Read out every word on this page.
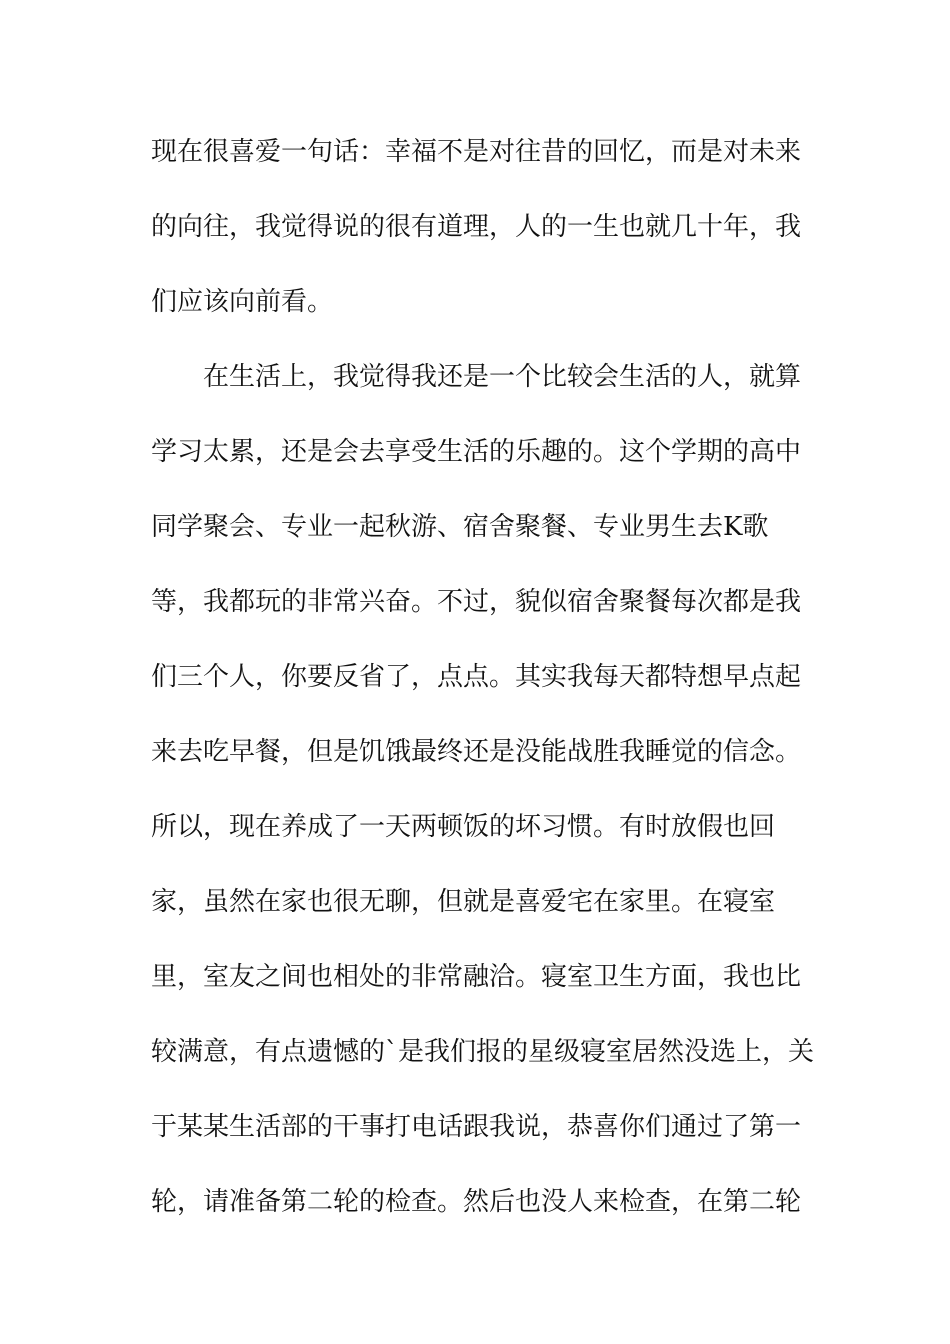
现在很喜爱一句话：幸福不是对往昔的回忆，而是对未来
的向往，我觉得说的很有道理，人的一生也就几十年，我
们应该向前看。
在生活上，我觉得我还是一个比较会生活的人，就算
学习太累，还是会去享受生活的乐趣的。这个学期的高中
同学聚会、专业一起秋游、宿舍聚餐、专业男生去K歌
等，我都玩的非常兴奋。不过，貌似宿舍聚餐每次都是我
们三个人，你要反省了，点点。其实我每天都特想早点起
来去吃早餐，但是饥饿最终还是没能战胜我睡觉的信念。
所以，现在养成了一天两顿饭的坏习惯。有时放假也回
家，虽然在家也很无聊，但就是喜爱宅在家里。在寝室
里，室友之间也相处的非常融洽。寝室卫生方面，我也比
较满意，有点遗憾的`是我们报的星级寝室居然没选上，关
于某某生活部的干事打电话跟我说，恭喜你们通过了第一
轮，请准备第二轮的检查。然后也没人来检查，在第二轮
